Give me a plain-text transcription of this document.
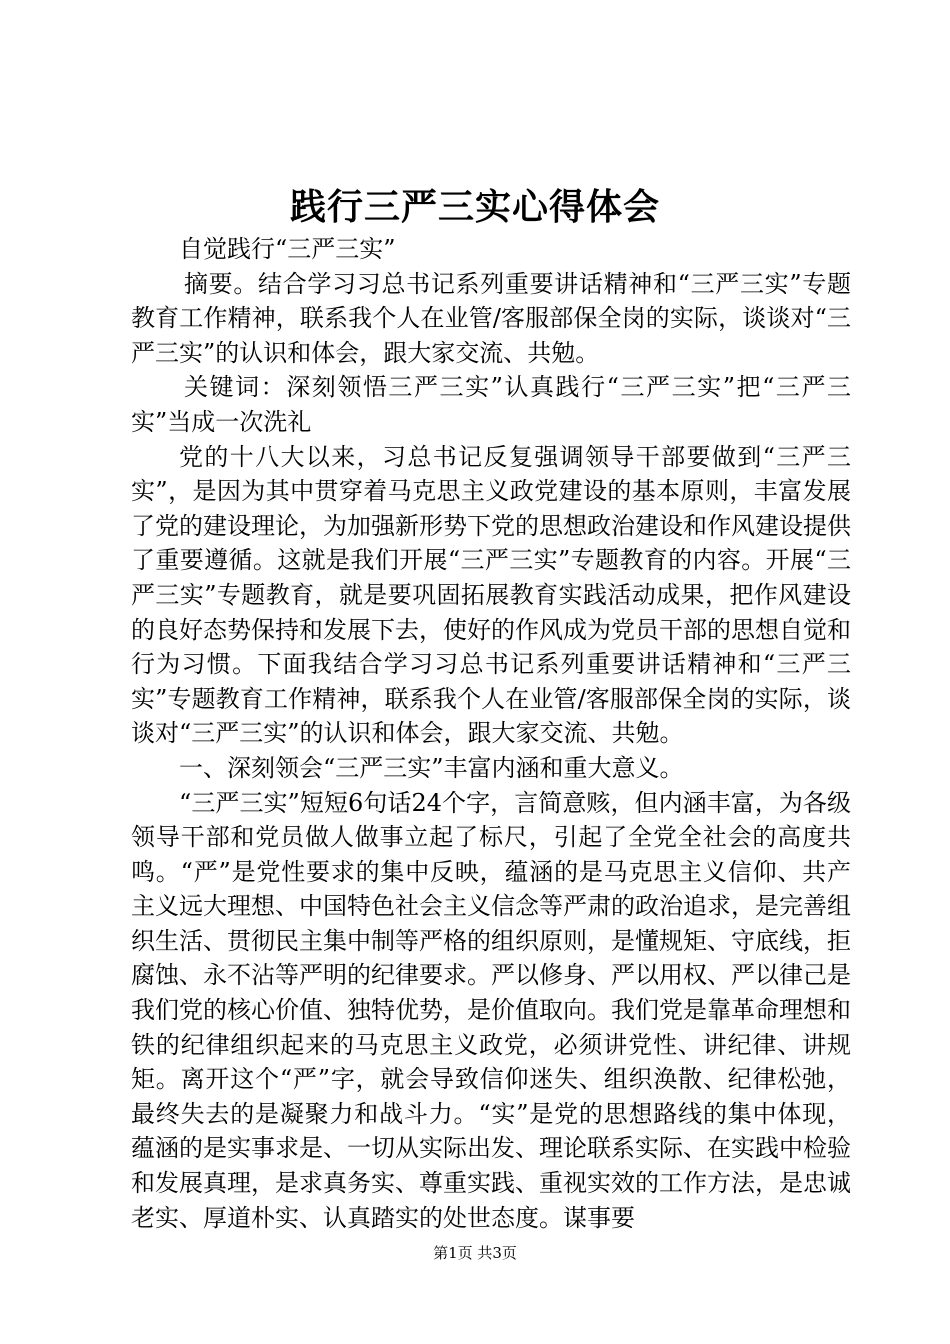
践行三严三实心得体会

自觉践行“三严三实”

摘要。结合学习习总书记系列重要讲话精神和“三严三实”专题教育工作精神，联系我个人在业管/客服部保全岗的实际，谈谈对“三严三实”的认识和体会，跟大家交流、共勉。

关键词：深刻领悟三严三实”认真践行“三严三实”把“三严三实”当成一次洗礼

党的十八大以来，习总书记反复强调领导干部要做到“三严三实”，是因为其中贯穿着马克思主义政党建设的基本原则，丰富发展了党的建设理论，为加强新形势下党的思想政治建设和作风建设提供了重要遵循。这就是我们开展“三严三实”专题教育的内容。开展“三严三实”专题教育，就是要巩固拓展教育实践活动成果，把作风建设的良好态势保持和发展下去，使好的作风成为党员干部的思想自觉和行为习惯。下面我结合学习习总书记系列重要讲话精神和“三严三实”专题教育工作精神，联系我个人在业管/客服部保全岗的实际，谈谈对“三严三实”的认识和体会，跟大家交流、共勉。

一、深刻领会“三严三实”丰富内涵和重大意义。

“三严三实”短短6句话24个字，言简意赅，但内涵丰富，为各级领导干部和党员做人做事立起了标尺，引起了全党全社会的高度共鸣。“严”是党性要求的集中反映，蕴涵的是马克思主义信仰、共产主义远大理想、中国特色社会主义信念等严肃的政治追求，是完善组织生活、贯彻民主集中制等严格的组织原则，是懂规矩、守底线，拒腐蚀、永不沾等严明的纪律要求。严以修身、严以用权、严以律己是我们党的核心价值、独特优势，是价值取向。我们党是靠革命理想和铁的纪律组织起来的马克思主义政党，必须讲党性、讲纪律、讲规矩。离开这个“严”字，就会导致信仰迷失、组织涣散、纪律松弛，最终失去的是凝聚力和战斗力。“实”是党的思想路线的集中体现，蕴涵的是实事求是、一切从实际出发、理论联系实际、在实践中检验和发展真理，是求真务实、尊重实践、重视实效的工作方法，是忠诚老实、厚道朴实、认真踏实的处世态度。谋事要

第1页 共3页
